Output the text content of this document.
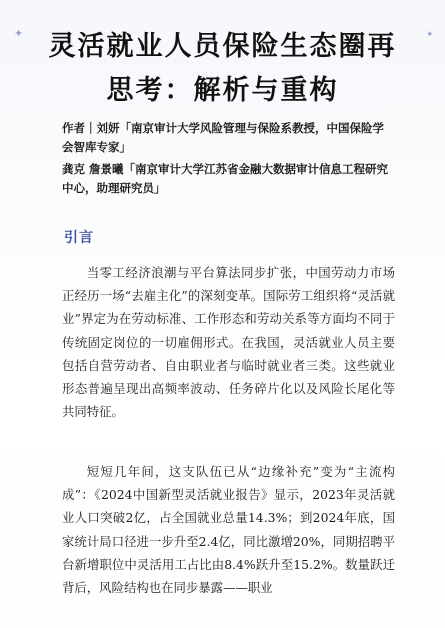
✦	✦
灵活就业人员保险生态圈再
思考：解析与重构

作者｜刘妍「南京审计大学风险管理与保险系教授，中国保险学会智库专家」

龚克 詹景曦「南京审计大学江苏省金融大数据审计信息工程研究中心，助理研究员」

引言

当零工经济浪潮与平台算法同步扩张，中国劳动力市场正经历一场“去雇主化”的深刻变革。国际劳工组织将“灵活就业”界定为在劳动标准、工作形态和劳动关系等方面均不同于传统固定岗位的一切雇佣形式。在我国，灵活就业人员主要包括自营劳动者、自由职业者与临时就业者三类。这些就业形态普遍呈现出高频率波动、任务碎片化以及风险长尾化等共同特征。

短短几年间，这支队伍已从“边缘补充”变为“主流构成”：《2024中国新型灵活就业报告》显示，2023年灵活就业人口突破2亿，占全国就业总量14.3%；到2024年底，国家统计局口径进一步升至2.4亿，同比激增20%，同期招聘平台新增职位中灵活用工占比由8.4%跃升至15.2%。数量跃迁背后，风险结构也在同步暴露——职业
